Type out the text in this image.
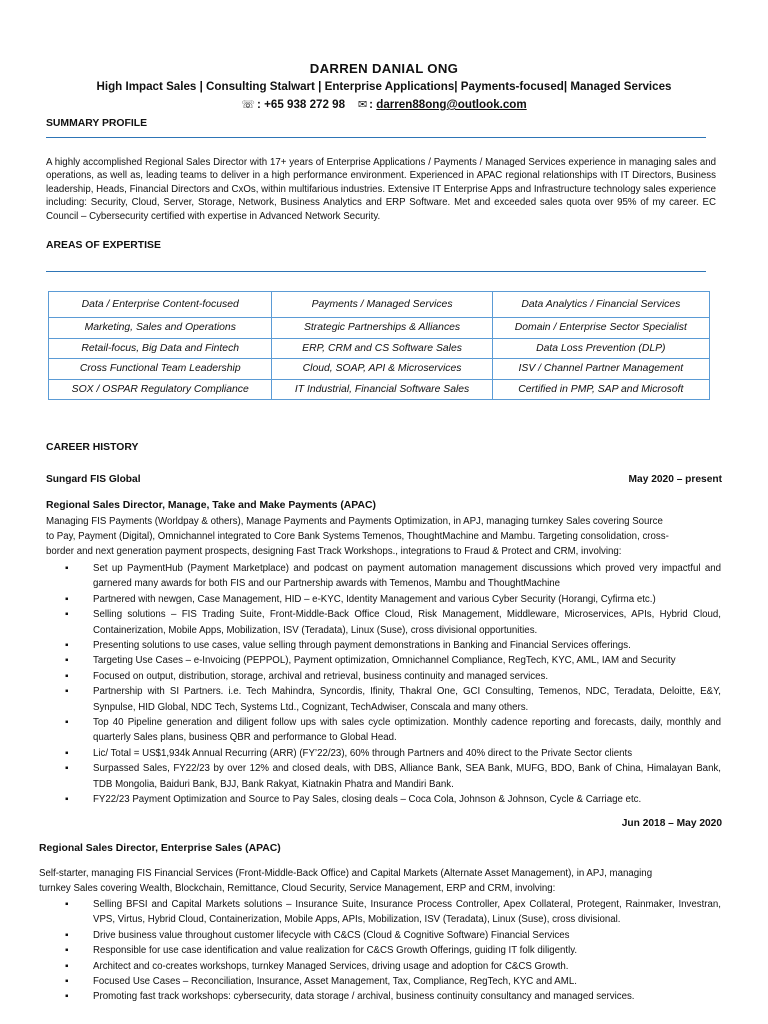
DARREN DANIAL ONG
High Impact Sales | Consulting Stalwart | Enterprise Applications| Payments-focused| Managed Services
☏ : +65 938 272 98 ✉ : darren88ong@outlook.com
SUMMARY PROFILE
A highly accomplished Regional Sales Director with 17+ years of Enterprise Applications / Payments / Managed Services experience in managing sales and operations, as well as, leading teams to deliver in a high performance environment. Experienced in APAC regional relationships with IT Directors, Business leadership, Heads, Financial Directors and CxOs, within multifarious industries. Extensive IT Enterprise Apps and Infrastructure technology sales experience including: Security, Cloud, Server, Storage, Network, Business Analytics and ERP Software. Met and exceeded sales quota over 95% of my career. EC Council – Cybersecurity certified with expertise in Advanced Network Security.
AREAS OF EXPERTISE
Data / Enterprise Content-focused	Payments / Managed Services	Data Analytics / Financial Services
Marketing, Sales and Operations	Strategic Partnerships & Alliances	Domain / Enterprise Sector Specialist
Retail-focus, Big Data and Fintech	ERP, CRM and CS Software Sales	Data Loss Prevention (DLP)
Cross Functional Team Leadership	Cloud, SOAP, API & Microservices	ISV / Channel Partner Management
SOX / OSPAR Regulatory Compliance	IT Industrial, Financial Software Sales	Certified in PMP, SAP and Microsoft
CAREER HISTORY
Sungard FIS Global	May 2020 – present
Regional Sales Director, Manage, Take and Make Payments (APAC)
Managing FIS Payments (Worldpay & others), Manage Payments and Payments Optimization, in APJ, managing turnkey Sales covering Source
to Pay, Payment (Digital), Omnichannel integrated to Core Bank Systems Temenos, ThoughtMachine and Mambu. Targeting consolidation, cross-
border and next generation payment prospects, designing Fast Track Workshops., integrations to Fraud & Protect and CRM, involving:
▪ Set up PaymentHub (Payment Marketplace) and podcast on payment automation management discussions which proved very impactful and garnered many awards for both FIS and our Partnership awards with Temenos, Mambu and ThoughtMachine
▪ Partnered with newgen, Case Management, HID – e-KYC, Identity Management and various Cyber Security (Horangi, Cyfirma etc.)
▪ Selling solutions – FIS Trading Suite, Front-Middle-Back Office Cloud, Risk Management, Middleware, Microservices, APIs, Hybrid Cloud, Containerization, Mobile Apps, Mobilization, ISV (Teradata), Linux (Suse), cross divisional opportunities.
▪ Presenting solutions to use cases, value selling through payment demonstrations in Banking and Financial Services offerings.
▪ Targeting Use Cases – e-Invoicing (PEPPOL), Payment optimization, Omnichannel Compliance, RegTech, KYC, AML, IAM and Security
▪ Focused on output, distribution, storage, archival and retrieval, business continuity and managed services.
▪ Partnership with SI Partners. i.e. Tech Mahindra, Syncordis, Ifinity, Thakral One, GCI Consulting, Temenos, NDC, Teradata, Deloitte, E&Y, Synpulse, HID Global, NDC Tech, Systems Ltd., Cognizant, TechAdwiser, Conscala and many others.
▪ Top 40 Pipeline generation and diligent follow ups with sales cycle optimization. Monthly cadence reporting and forecasts, daily, monthly and quarterly Sales plans, business QBR and performance to Global Head.
▪ Lic/ Total = US$1,934k Annual Recurring (ARR) (FY’22/23), 60% through Partners and 40% direct to the Private Sector clients
▪ Surpassed Sales, FY22/23 by over 12% and closed deals, with DBS, Alliance Bank, SEA Bank, MUFG, BDO, Bank of China, Himalayan Bank, TDB Mongolia, Baiduri Bank, BJJ, Bank Rakyat, Kiatnakin Phatra and Mandiri Bank.
▪ FY22/23 Payment Optimization and Source to Pay Sales, closing deals – Coca Cola, Johnson & Johnson, Cycle & Carriage etc.
Jun 2018 – May 2020
Regional Sales Director, Enterprise Sales (APAC)
Self-starter, managing FIS Financial Services (Front-Middle-Back Office) and Capital Markets (Alternate Asset Management), in APJ, managing
turnkey Sales covering Wealth, Blockchain, Remittance, Cloud Security, Service Management, ERP and CRM, involving:
▪ Selling BFSI and Capital Markets solutions – Insurance Suite, Insurance Process Controller, Apex Collateral, Protegent, Rainmaker, Investran, VPS, Virtus, Hybrid Cloud, Containerization, Mobile Apps, APIs, Mobilization, ISV (Teradata), Linux (Suse), cross divisional.
▪ Drive business value throughout customer lifecycle with C&CS (Cloud & Cognitive Software) Financial Services
▪ Responsible for use case identification and value realization for C&CS Growth Offerings, guiding IT folk diligently.
▪ Architect and co-creates workshops, turnkey Managed Services, driving usage and adoption for C&CS Growth.
▪ Focused Use Cases – Reconciliation, Insurance, Asset Management, Tax, Compliance, RegTech, KYC and AML.
▪ Promoting fast track workshops: cybersecurity, data storage / archival, business continuity consultancy and managed services.
